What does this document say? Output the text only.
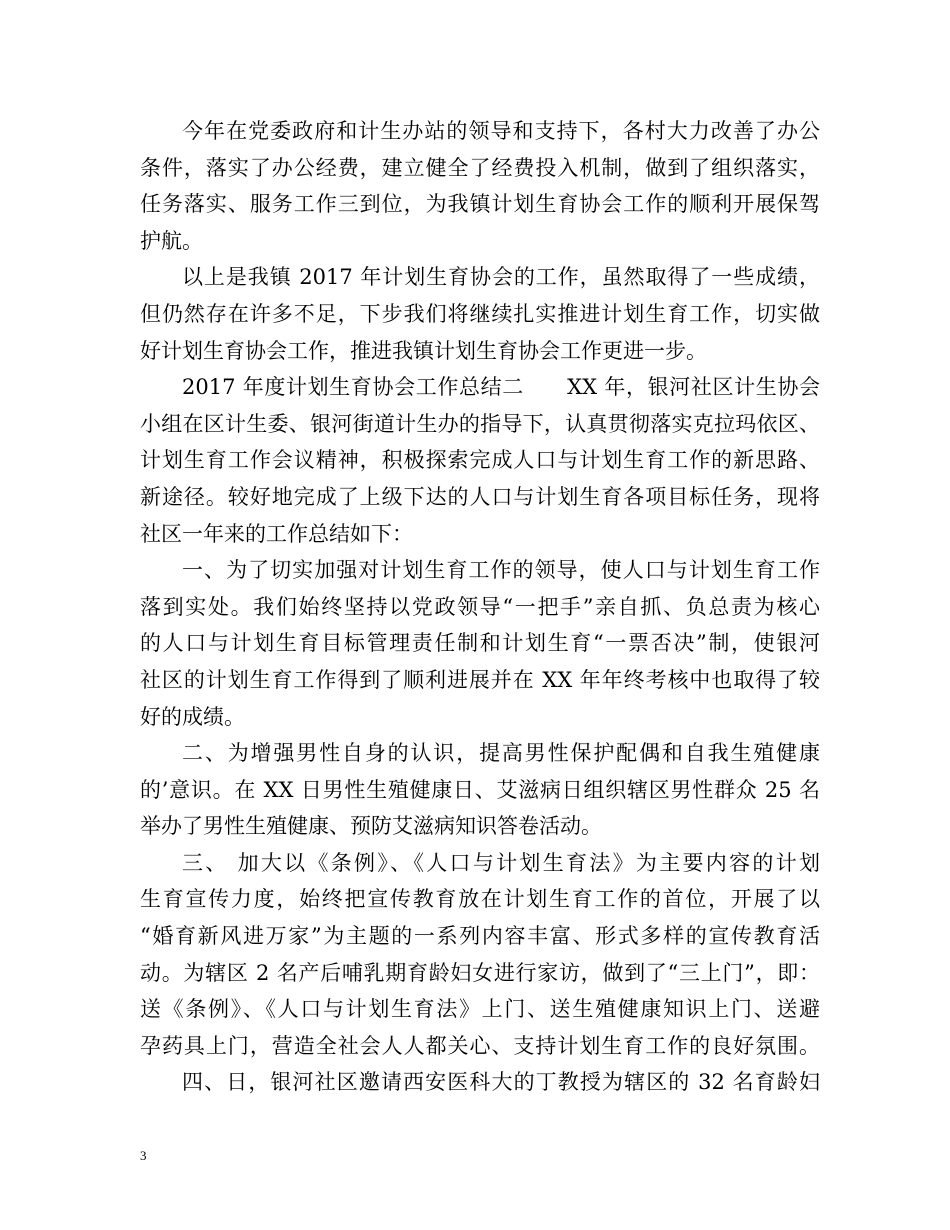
今年在党委政府和计生办站的领导和支持下，各村大力改善了办公
条件，落实了办公经费，建立健全了经费投入机制，做到了组织落实，
任务落实、服务工作三到位，为我镇计划生育协会工作的顺利开展保驾
护航。
以上是我镇 2017 年计划生育协会的工作，虽然取得了一些成绩，
但仍然存在许多不足，下步我们将继续扎实推进计划生育工作，切实做
好计划生育协会工作，推进我镇计划生育协会工作更进一步。
2017 年度计划生育协会工作总结二　　XX 年，银河社区计生协会
小组在区计生委、银河街道计生办的指导下，认真贯彻落实克拉玛依区、
计划生育工作会议精神，积极探索完成人口与计划生育工作的新思路、
新途径。较好地完成了上级下达的人口与计划生育各项目标任务，现将
社区一年来的工作总结如下：
一、为了切实加强对计划生育工作的领导，使人口与计划生育工作
落到实处。我们始终坚持以党政领导“一把手”亲自抓、负总责为核心
的人口与计划生育目标管理责任制和计划生育“一票否决”制，使银河
社区的计划生育工作得到了顺利进展并在 XX 年年终考核中也取得了较
好的成绩。
二、为增强男性自身的认识，提高男性保护配偶和自我生殖健康
的’意识。在 XX 日男性生殖健康日、艾滋病日组织辖区男性群众 25 名
举办了男性生殖健康、预防艾滋病知识答卷活动。
三、 加大以《条例》、《人口与计划生育法》为主要内容的计划
生育宣传力度，始终把宣传教育放在计划生育工作的首位，开展了以
“婚育新风进万家”为主题的一系列内容丰富、形式多样的宣传教育活
动。为辖区 2 名产后哺乳期育龄妇女进行家访，做到了“三上门”，即：
送《条例》、《人口与计划生育法》上门、送生殖健康知识上门、送避
孕药具上门，营造全社会人人都关心、支持计划生育工作的良好氛围。
四、日，银河社区邀请西安医科大的丁教授为辖区的 32 名育龄妇
3
